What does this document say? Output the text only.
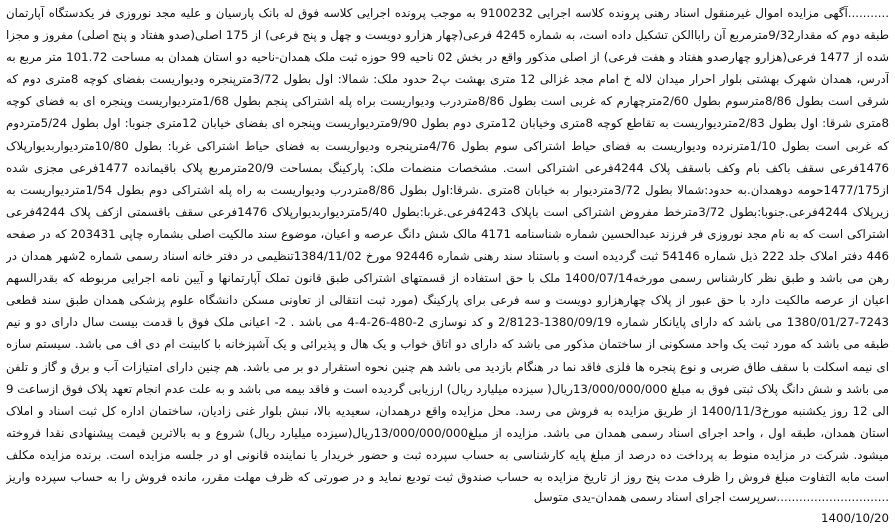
...........آگهی مزایده اموال غیرمنقول اسناد رهنی پرونده کلاسه اجرایی 9100232 به موجب پرونده اجرایی کلاسه فوق له بانک پارسیان و علیه مجد نوروزی فر یکدستگاه آپارتمان طبقه دوم که مقدار9/32مترمربع آن راباالکن تشکیل داده است، به شماره 4245 فرعی(چهار هزارو دویست و چهل و پنج فرعی) از 175 اصلی(صدو هفتاد و پنج اصلی) مفروز و مجزا شده از 1477 فرعی(هزارو چهارصدو هفتاد و هفت فرعی) از اصلی مذکور واقع در بخش 02 ناحیه 99 حوزه ثبت ملک همدان-ناحیه دو استان همدان به مساحت 101.72 متر مربع به آدرس، همدان شهرک بهشتی بلوار احرار میدان لاله خ امام مجد غزالی 12 متری بهشت پ2 حدود ملک: شمالا: اول بطول 3/72مترپنجره ودیواریست بفضای کوچه 8متری دوم که شرقی است بطول 8/86مترسوم بطول 2/60مترچهارم که غربی است بطول 8/86متردرب ودیواریست براه پله اشتراکی پنجم بطول 1/68متردیواریست وپنجره ای به فضای کوچه 8متری شرقا: اول بطول 2/83متردیواریست به تقاطع کوچه 8متری وخیابان 12متری دوم بطول 9/90متردیواریست وپنجره ای بفضای خیابان 12متری جنوبا: اول بطول 5/24متردوم که غربی است بطول 1/10مترنرده ودیواریست به فضای حیاط اشتراکی سوم بطول 4/76مترپنجره ودیواریست به فضای حیاط اشتراکی غربا: بطول 10/80متردیواربدیوارپلاک 1476فرعی سقف باکف بام وکف باسقف پلاک 4244فرعی اشتراکی است. مشخصات منضمات ملک: پارکینگ بمساحت 20/9مترمربع پلاک باقیمانده 1477فرعی مجزی شده از1477/175حومه دوهمدان.به حدود:شمالا بطول 3/72متردیوار به خیابان 8متری .شرقا:اول بطول 8/86متردرب ودیواریست به راه پله اشتراکی دوم بطول 1/54متردیواریست به زیرپلاک 4244فرعی.جنوبا:بطول 3/72مترخط مفروض اشتراکی است باپلاک 4243فرعی.غربا:بطول 5/40متردیواربدیوارپلاک 1476فرعی سقف باقسمتی ازکف پلاک 4244فرعی اشتراکی است که به نام مجد نوروزی فر فرزند عبدالحسین شماره شناسنامه 4171 مالک شش دانگ عرصه و اعیان، موضوع سند مالکیت اصلی بشماره چاپی 203431 که در صفحه 446 دفتر املاک جلد 222 ذیل شماره 54146 ثبت گردیده است و باستناد سند رهنی شماره 92446 مورخ 1384/11/02تنظیمی در دفتر خانه اسناد رسمی شماره 2شهر همدان در رهن می باشد و طبق نظر کارشناس رسمی مورخه1400/07/14 ملک با حق استفاده از قسمتهای اشتراکی طبق قانون تملک آپارتمانها و آیین نامه اجرایی مربوطه که بقدرالسهم اعیان از عرصه مالکیت دارد با حق عبور از پلاک چهارهزارو دویست و سه فرعی برای پارکینگ (مورد ثبت انتقالی از تعاونی مسکن دانشگاه علوم پزشکی همدان طبق سند قطعی 7243-1380/01/27 می باشد که دارای پایانکار شماره 1380/09/19-2/8123 و کد نوسازی 2-480-26-4-4 می باشد . 2- اعیانی ملک فوق با قدمت بیست سال دارای دو و نیم طبقه می باشد که مورد ثبت یک واحد مسکونی از ساختمان مذکور می باشد که دارای دو اتاق خواب و یک هال و پذیرائی و یک آشپزخانه با کابینت ام دی اف می باشد. سیستم سازه ای نیمه اسکلت با سقف طاق ضربی و نوع پنجره ها فلزی فاقد نما در هنگام بازدید می باشد هم چنین نحوه استقرار دو بر می باشد. هم چنین دارای امتیازات آب و برق و گاز و تلفن می باشد و شش دانگ پلاک ثبتی فوق به مبلغ 13/000/000/000ریال( سیزده میلیارد ریال) ارزیابی گردیده است و فاقد بیمه می باشد و به علت عدم انجام تعهد پلاک فوق ازساعت 9 الی 12 روز یکشنبه مورخ1400/11/3 از طریق مزایده به فروش می رسد. محل مزایده واقع درهمدان، سعیدیه بالا، نبش بلوار غنی زادیان، ساختمان اداره کل ثبت اسناد و املاک استان همدان، طبقه اول ، واحد اجرای اسناد رسمی همدان می باشد. مزایده از مبلغ13/000/000/000ریال(سیزده میلیارد ریال) شروع و به بالاترین قیمت پیشنهادی نقدا فروخته میشود. شرکت در مزایده منوط به پرداخت ده درصد از مبلغ پایه کارشناسی به حساب سپرده ثبت و حضور خریدار یا نماینده قانونی او در جلسه مزایده است. برنده مزایده مکلف است مابه التفاوت مبلغ فروش را ظرف مدت پنج روز از تاریخ مزایده به حساب صندوق ثبت تودیع نماید و در صورتی که ظرف مهلت مقرر، مانده فروش را به حساب سپرده واریز

..............................سرپرست اجرای اسناد رسمی همدان-یدی متوسل
1400/10/20
